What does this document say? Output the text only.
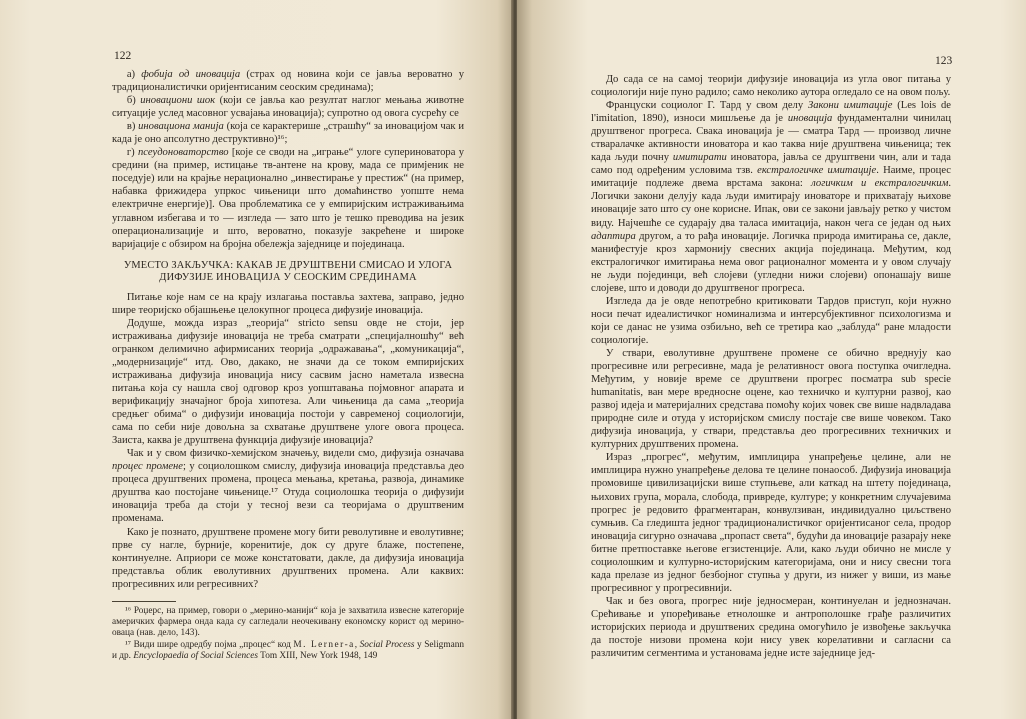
122

а) фобија од иновација (страх од новина који се јавља вероватно у традиционалистички оријентисаним сеоским срединама);

б) иновациони шок (који се јавља као резултат наглог мењања животне ситуације услед масовног усвајања иновација); супротно од овога сусрећу се

в) иновациона манија (која се карактерише „страшћу“ за иновацијом чак и када је оно апсолутно деструктивно)¹⁶;

г) псеудоноваторство [које се своди на „играње“ улоге супериноватора у средини (на пример, истицање тв-антене на крову, мада се примјеник не поседује) или на крајње нерационално „инвестирање у престиж“ (на пример, набавка фрижидера упркос чињеници што домаћинство уопште нема електричне енергије)]. Ова проблематика се у емпиријским истраживањима углавном избегава и то — изгледа — зато што је тешко преводива на језик операционализације и што, вероватно, показује закрећене и широке варијације с обзиром на бројна обележја заједнице и појединаца.

УМЕСТО ЗАКЉУЧКА: КАКАВ ЈЕ ДРУШТВЕНИ СМИСАО И УЛОГА
ДИФУЗИЈЕ ИНОВАЦИЈА У СЕОСКИМ СРЕДИНАМА

Питање које нам се на крају излагања поставља захтева, заправо, једно шире теоријско објашњење целокупног процеса дифузије иновација.

Додуше, можда израз „теорија“ stricto sensu овде не стоји, јер истраживања дифузије иновација не треба сматрати „специјалношћу“ већ огранком делимично афирмисаних теорија „одражавања“, „комуникација“, „модернизације“ итд. Ово, дакако, не значи да се током емпиријских истраживања дифузија иновација нису сасвим јасно наметала извесна питања која су нашла свој одговор кроз уопштавања појмовног апарата и верификацију значајног броја хипотеза. Али чињеница да сама „теорија средњег обима“ о дифузији иновација постоји у савременој социологији, сама по себи није довољна за схватање друштвене улоге овога процеса. Заиста, каква је друштвена функција дифузије иновација?

Чак и у свом физичко-хемијском значењу, видели смо, дифузија означава процес промене; у социолошком смислу, дифузија иновација представља део процеса друштвених промена, процеса мењања, кретања, развоја, динамике друштва као постојане чињенице.¹⁷ Отуда социолошка теорија о дифузији иновација треба да стоји у тесној вези са теоријама о друштвеним променама.

Како је познато, друштвене промене могу бити револутивне и еволутивне; прве су нагле, бурније, коренитије, док су друге блаже, постепене, континуелне. Априори се може констатовати, дакле, да дифузија иновација представља облик еволутивних друштвених промена. Али каквих: прогресивних или регресивних?

¹⁶ Роџерс, на пример, говори о „мерино-манији“ која је захватила извесне категорије америчких фармера онда када су сагледали неочекивану економску корист од мерино-оваца (нав. дело, 143).

¹⁷ Види шире одредбу појма „процес“ код M. Lerner-a, Social Process у Seligmann и др. Encyclopaedia of Social Sciences Tom XIII, New York 1948, 149

123

До сада се на самој теорији дифузије иновација из угла овог питања у социологији није пуно радило; само неколико аутора огледало се на овом пољу.

Француски социолог Г. Тард у свом делу Закони имитације (Les lois de l'imitation, 1890), износи мишљење да је иновација фундаментални чинилац друштвеног прогреса. Свака иновација је — сматра Тард — производ личне стваралачке активности иноватора и као таква није друштвена чињеница; тек када људи почну имитирати иноватора, јавља се друштвени чин, али и тада само под одређеним условима тзв. екстралогичке имитације. Наиме, процес имитације подлеже двема врстама закона: логичким и екстралогичким. Логички закони делују када људи имитирају иноваторе и прихватају њихове иновације зато што су оне корисне. Ипак, ови се закони јављају ретко у чистом виду. Најчешће се сударају два таласа имитација, након чега се један од њих адаптира другом, а то рађа иновације. Логичка природа имитирања се, дакле, манифестује кроз хармонију свесних акција појединаца. Међутим, код екстралогичког имитирања нема овог рационалног момента и у овом случају не људи појединци, већ слојеви (угледни нижи слојеви) опонашају више слојеве, што и доводи до друштвеног прогреса.

Изгледа да је овде непотребно критиковати Тардов приступ, који нужно носи печат идеалистичког номинализма и интерсубјективног психологизма и који се данас не узима озбиљно, већ се третира као „заблуда“ ране младости социологије.

У ствари, еволутивне друштвене промене се обично вреднују као прогресивне или регресивне, мада је релативност овога поступка очигледна. Међутим, у новије време се друштвени прогрес посматра sub specie humanitatis, ван мере вредносне оцене, као техничко и културни развој, као развој идеја и материјалних средстава помоћу којих човек све више надвладава природне силе и отуда у историјском смислу постаје све више човеком. Тако дифузија иновација, у ствари, представља део прогресивних техничких и културних друштвених промена.

Израз „прогрес“, међутим, имплицира унапређење целине, али не имплицира нужно унапређење делова те целине понаособ. Дифузија иновација промовише цивилизацијски више ступњеве, али каткад на штету појединаца, њихових група, морала, слобода, привреде, културе; у конкретним случајевима прогрес је редовито фрагментаран, конвулзиван, индивидуално циљствено сумњив. Са гледишта једног традиционалистичког оријентисаног села, продор иновација сигурно означава „пропаст света“, будући да иновације разарају неке битне претпоставке његове егзистенције. Али, како људи обично не мисле у социолошким и културно-историјским категоријама, они и нису свесни тога када прелазе из једног безбојног ступња у други, из нижег у виши, из мање прогресивног у прогресивнији.

Чак и без овога, прогрес није једносмеран, континуелан и једнозначан. Срећивање и упоређивање етнолошке и антрополошке грађе различитих историјских периода и друштвених средина омогућило је извођење закључка да постоје низови промена који нису увек корелативни и сагласни са различитим сегментима и установама једне исте заједнице јед-
